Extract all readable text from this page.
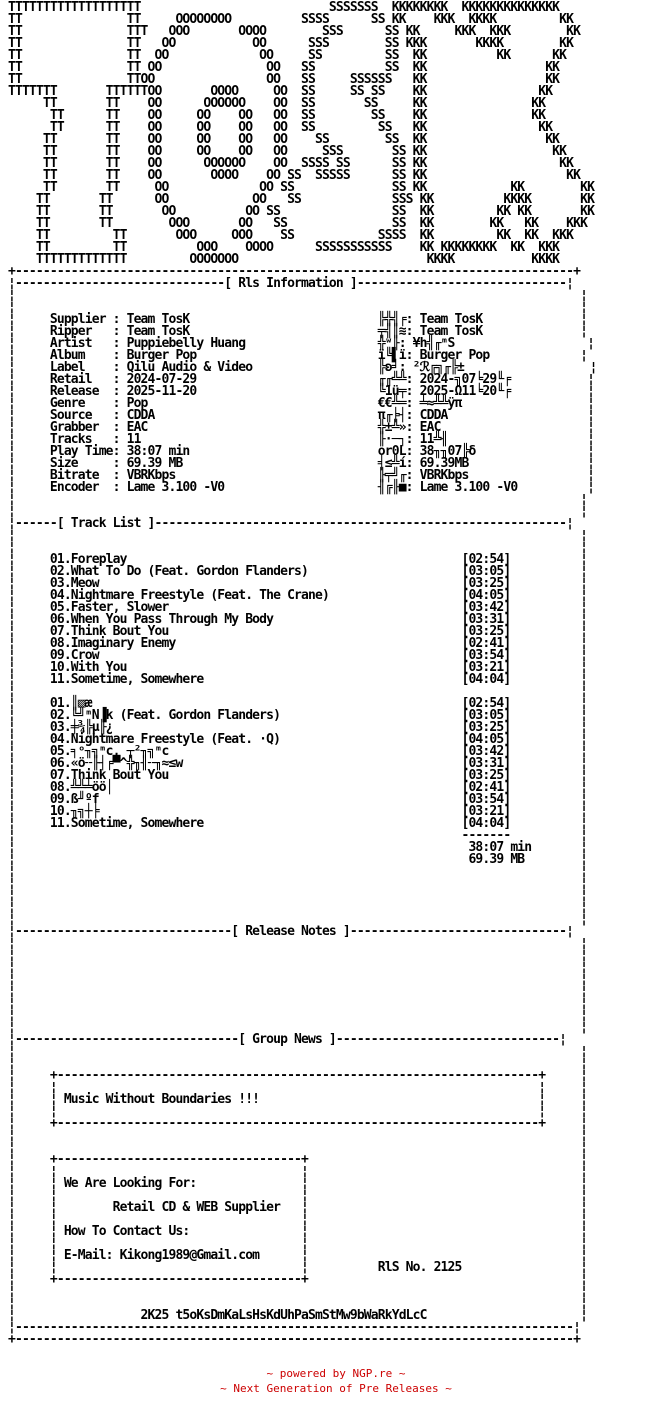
TTTTTTTTTTTTTTTTTTT                           SSSSSSS  KKKKKKKK  KKKKKKKKKKKKKK
TT               TT     OOOOOOOO          SSSS      SS KK    KKK  KKKK         KK
TT               TTT   OOO       OOOO        SSS      SS KK     KKK  KKK        KK
TT               TT   OO           OO      SSS        SS KKK       KKKK        KK
TT               TT  OO             OO     SS         SS  KK          KK      KK
TT               TT OO               OO   SS          SS  KK                 KK
TT               TTOO                OO   SS     SSSSSS   KK                 KK
TTTTTTT       TTTTTTOO       OOOO     OO  SS     SS SS    KK                KK
TT       TT    OO      OOOOOO    OO  SS       SS     KK               KK
TT      TT    OO     OO    OO   OO  SS        SS    KK               KK
TT      TT    OO     OO    OO   OO  SS         SS   KK                KK
TT       TT    OO     OO    OO   OO    SS        SS  KK                 KK
TT       TT    OO     OO    OO   OO     SSS       SS KK                  KK
TT       TT    OO      OOOOOO    OO  SSSS SS      SS KK                   KK
TT       TT    OO       OOOO    OO SS  SSSSS      SS KK                    KK
TT       TT     OO             OO SS              SS KK            KK        KK
TT       TT      OO            OO   SS             SSS KK          KKKK       KK
TT       TT       OO          OO SS                SS  KK         KK KK       KK
TT       TT        OOO       OO   SS               SS  KK        KK   KK    KKK
TT         TT       OOO     OOO    SS            SSSS  KK         KK  KK  KKK
TT         TT          OOO    OOOO      SSSSSSSSSSS    KK KKKKKKKK  KK  KKK
TTTTTTTTTTTTT         OOOOOOO                           KKKK           KKKK
+--------------------------------------------------------------------------------+
¦------------------------------[ Rls Information ]------------------------------¦
¦                                                                                 ¦
¦                                                                                 ¦
¦     Supplier : Team TosK                           ╠╬╣╒: Team TosK              ¦
¦     Ripper   : Team TosK                           ╤╣║≋: Team TosK              ¦
¦     Artist   : Puppiebelly Huang                   ╬ʷ╟: ¥h╣╓ᵐS                   ¦
¦     Album    : Burger Pop                          ï╚▌ï: Burger Pop             ¦
¦     Label    : Qilu Audio & Video                  ╠ʚ╛: ²ℛ╔╗╓╠±                  ¦
¦     Retail   : 2024-07-29                          ╓╓╩╩: 2024-╗07╘29╙╒           ¦
¦     Release  : 2025-11-20                          ╚1ü╤: 2025-Ω11╘20╙╒           ¦
¦     Genre    : Pop                                 €€╩═: ╧≈╩╩ÿπ                  ¦
¦     Source   : CDDA                                π╓╞┤: CDDA                    ¦
¦     Grabber  : EAC                                 ╬±╩»: EAC                     ¦
¦     Tracks   : 11                                  ╟·─┐: 11╩╢                    ¦
¦     Play Time: 38:07 min                           or0L: 38╖╖07╠δ                ¦
¦     Size     : 69.39 MB                            ╡≤╩í: 69.39MB                 ¦
¦     Bitrate  : VBRKbps                             ╟╤╝╓: VBRKbps                 ¦
¦     Encoder  : Lame 3.100 -V0                      ╢╔╟■: Lame 3.100 -V0          ¦
¦                                                                                 ¦
¦                                                                                 ¦
¦------[ Track List ]-----------------------------------------------------------¦
¦                                                                                 ¦
¦                                                                                 ¦
¦     01.Foreplay                                                [02:54]          ¦
¦     02.What To Do (Feat. Gordon Flanders)                      [03:05]          ¦
¦     03.Meow                                                    [03:25]          ¦
¦     04.Nightmare Freestyle (Feat. The Crane)                   [04:05]          ¦
¦     05.Faster, Slower                                          [03:42]          ¦
¦     06.When You Pass Through My Body                           [03:31]          ¦
¦     07.Think Bout You                                          [03:25]          ¦
¦     08.Imaginary Enemy                                         [02:41]          ¦
¦     09.Crow                                                    [03:54]          ¦
¦     10.With You                                                [03:21]          ¦
¦     11.Sometime, Somewhere                                     [04:04]          ¦
¦                                                                                 ¦
¦     01.║▧æ                                                     [02:54]          ¦
¦     02.╚╝ᵐN▐k (Feat. Gordon Flanders)                          [03:05]          ¦
¦     03.╪¾╠µ╟¿                                                  [03:25]          ¦
¦     04.Nightmare Freestyle (Feat. ·Q)                          [04:05]          ¦
¦     05.╕ᵒ╖╗ᵐc, ┬²╖╗ᵐc                                          [03:42]          ¦
¦     06.«ö╌╟┤╒▀^╬╖╢╌╖≈≤w                                        [03:31]          ¦
¦     07.Think Bout You                                          [03:25]          ¦
¦     08.╩╩╧öö│                                                  [02:41]          ¦
¦     09.ß╜ºf                                                    [03:54]          ¦
¦     10.╖╗┼╞                                                    [03:21]          ¦
¦     11.Sometime, Somewhere                                     [04:04]          ¦
¦                                                                -------          ¦
¦                                                                 38:07 min       ¦
¦                                                                 69.39 MB        ¦
¦                                                                                 ¦
¦                                                                                 ¦
¦                                                                                 ¦
¦                                                                                 ¦
¦                                                                                 ¦
¦-------------------------------[ Release Notes ]-------------------------------¦
¦                                                                                 ¦
¦                                                                                 ¦
¦                                                                                 ¦
¦                                                                                 ¦
¦                                                                                 ¦
¦                                                                                 ¦
¦                                                                                 ¦
¦                                                                                 ¦
¦--------------------------------[ Group News ]--------------------------------¦
¦                                                                                 ¦
¦                                                                                 ¦
¦     +---------------------------------------------------------------------+     ¦
¦     ¦                                                                     ¦     ¦
¦     ¦ Music Without Boundaries !!!                                        ¦     ¦
¦     ¦                                                                     ¦     ¦
¦     +---------------------------------------------------------------------+     ¦
¦                                                                                 ¦
¦                                                                                 ¦
¦     +-----------------------------------+                                       ¦
¦     ¦                                   ¦                                       ¦
¦     ¦ We Are Looking For:               ¦                                       ¦
¦     ¦                                   ¦                                       ¦
¦     ¦        Retail CD & WEB Supplier   ¦                                       ¦
¦     ¦                                   ¦                                       ¦
¦     ¦ How To Contact Us:                ¦                                       ¦
¦     ¦                                   ¦                                       ¦
¦     ¦ E-Mail: Kikong1989@Gmail.com      ¦                                       ¦
¦     ¦                                   ¦          RlS No. 2125                 ¦
¦     +-----------------------------------+                                       ¦
¦                                                                                 ¦
¦                                                                                 ¦
¦                  2K25 t5oKsDmKaLsHsKdUhPaSmStMw9bWaRkYdLcC                      ¦
¦--------------------------------------------------------------------------------¦
+--------------------------------------------------------------------------------+
~ powered by NGP.re ~
~ Next Generation of Pre Releases ~
